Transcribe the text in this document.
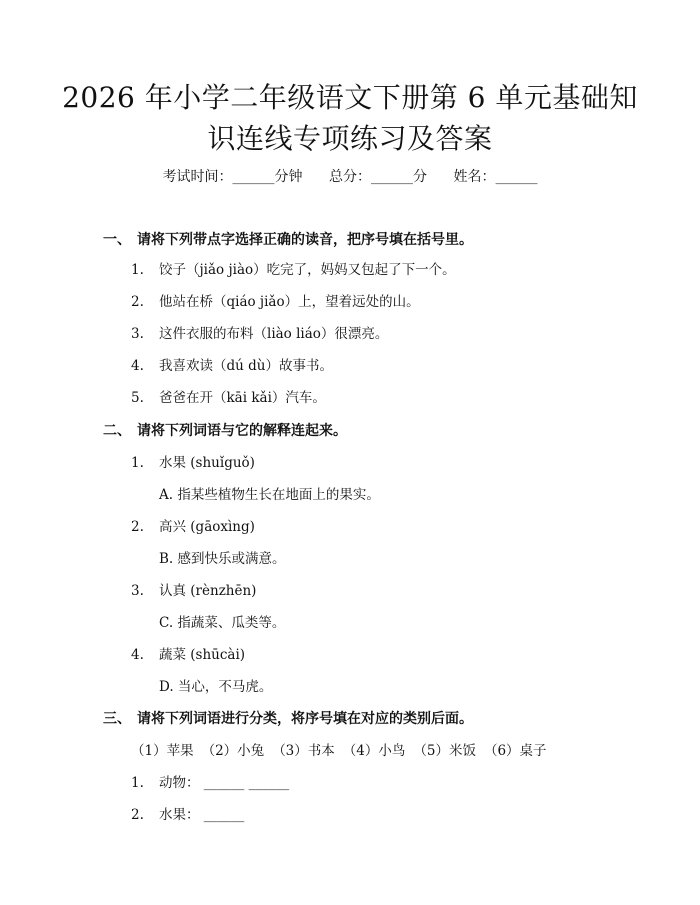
2026 年小学二年级语文下册第 6 单元基础知
识连线专项练习及答案
考试时间：______分钟 总分：______分 姓名：______
一、 请将下列带点字选择正确的读音，把序号填在括号里。
1. 饺子（jiǎo jiào）吃完了，妈妈又包起了下一个。
2. 他站在桥（qiáo jiǎo）上，望着远处的山。
3. 这件衣服的布料（liào liáo）很漂亮。
4. 我喜欢读（dú dù）故事书。
5. 爸爸在开（kāi kǎi）汽车。
二、 请将下列词语与它的解释连起来。
1. 水果 (shuǐguǒ)
A. 指某些植物生长在地面上的果实。
2. 高兴 (gāoxìng)
B. 感到快乐或满意。
3. 认真 (rènzhēn)
C. 指蔬菜、瓜类等。
4. 蔬菜 (shūcài)
D. 当心，不马虎。
三、 请将下列词语进行分类，将序号填在对应的类别后面。
（1）苹果 （2）小兔 （3）书本 （4）小鸟 （5）米饭 （6）桌子
1. 动物： ______ ______
2. 水果： ______
